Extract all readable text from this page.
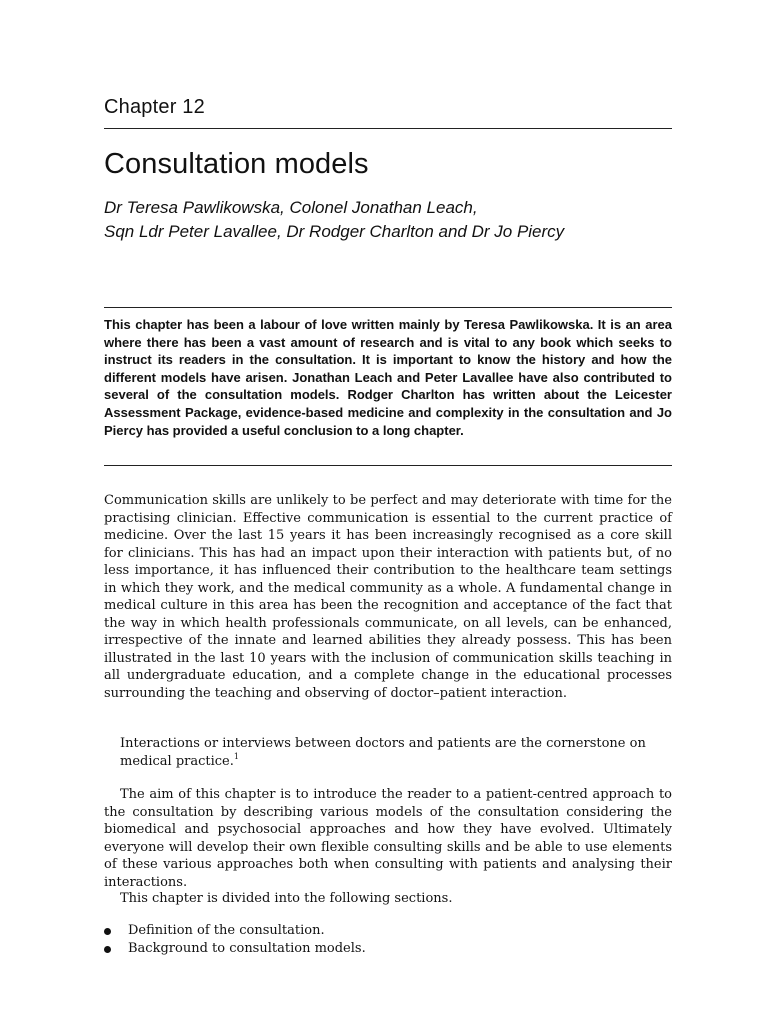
Chapter 12
Consultation models
Dr Teresa Pawlikowska, Colonel Jonathan Leach,
Sqn Ldr Peter Lavallee, Dr Rodger Charlton and Dr Jo Piercy

This chapter has been a labour of love written mainly by Teresa Pawlikowska. It is an area where there has been a vast amount of research and is vital to any book which seeks to instruct its readers in the consultation. It is important to know the history and how the different models have arisen. Jonathan Leach and Peter Lavallee have also contributed to several of the consultation models. Rodger Charlton has written about the Leicester Assessment Package, evidence-based medicine and complexity in the consultation and Jo Piercy has provided a useful conclusion to a long chapter.

Communication skills are unlikely to be perfect and may deteriorate with time for the practising clinician. Effective communication is essential to the current practice of medicine. Over the last 15 years it has been increasingly recognised as a core skill for clinicians. This has had an impact upon their interaction with patients but, of no less importance, it has influenced their contribution to the healthcare team settings in which they work, and the medical community as a whole. A fundamental change in medical culture in this area has been the recognition and acceptance of the fact that the way in which health professionals communicate, on all levels, can be enhanced, irrespective of the innate and learned abilities they already possess. This has been illustrated in the last 10 years with the inclusion of communication skills teaching in all undergraduate education, and a complete change in the educational processes surrounding the teaching and observing of doctor–patient interaction.

Interactions or interviews between doctors and patients are the cornerstone on medical practice.$^1$

The aim of this chapter is to introduce the reader to a patient-centred approach to the consultation by describing various models of the consultation considering the biomedical and psychosocial approaches and how they have evolved. Ultimately everyone will develop their own flexible consulting skills and be able to use elements of these various approaches both when consulting with patients and analysing their interactions.

This chapter is divided into the following sections.

Definition of the consultation.
Background to consultation models.
